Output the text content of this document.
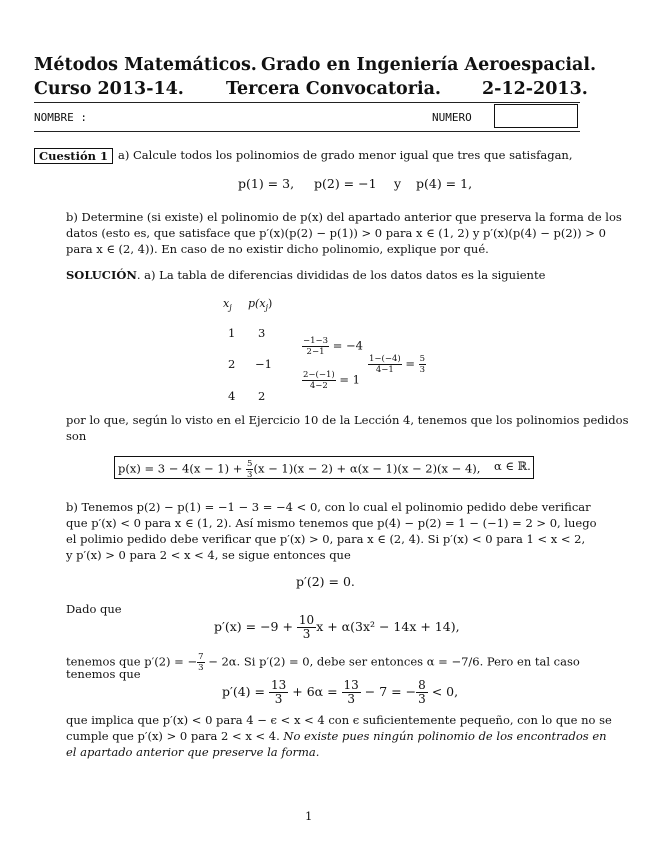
Métodos Matemáticos. Grado en Ingeniería Aeroespacial.
Curso 2013-14. Tercera Convocatoria. 2-12-2013.
NOMBRE :	NUMERO
Cuestión 1 a) Calcule todos los polinomios de grado menor igual que tres que satisfagan,
p(1) = 3, p(2) = −1 y p(4) = 1,
b) Determine (si existe) el polinomio de p(x) del apartado anterior que preserva la forma de los
datos (esto es, que satisface que p′(x)(p(2) − p(1)) > 0 para x ∈ (1, 2) y p′(x)(p(4) − p(2)) > 0
para x ∈ (2, 4)). En caso de no existir dicho polinomio, explique por qué.
SOLUCIÓN. a) La tabla de diferencias divididas de los datos datos es la siguiente
$x_j$ $p(x_j)$
1 3
2 −1
4 2
$\frac{-1-3}{2-1} = -4$
$\frac{2-(-1)}{4-2} = 1$
$\frac{1-(-4)}{4-1} = \frac{5}{3}$
por lo que, según lo visto en el Ejercicio 10 de la Lección 4, tenemos que los polinomios pedidos
son
$p(x) = 3 - 4(x - 1) + \frac{5}{3} (x - 1)(x - 2) + \alpha(x - 1)(x - 2)(x - 4)$, α ∈ ℝ.
b) Tenemos p(2) − p(1) = −1 − 3 = −4 < 0, con lo cual el polinomio pedido debe verificar
que p′(x) < 0 para x ∈ (1, 2). Así mismo tenemos que p(4) − p(2) = 1 − (−1) = 2 > 0, luego
el polimio pedido debe verificar que p′(x) > 0, para x ∈ (2, 4). Si p′(x) < 0 para 1 < x < 2,
y p′(x) > 0 para 2 < x < 4, se sigue entonces que
p′(2) = 0.
Dado que
$p'(x) = -9 + \frac{10}{3}$ x + α(3x² − 14x + 14),
tenemos que p′(2) = − $\frac{7}{3} - 2\alpha$. Si p′(2) = 0, debe ser entonces α = −7/6. Pero en tal caso
tenemos que
$p'(4) = \frac{13}{3} + 6\alpha = \frac{13}{3} - 7$ = − $\frac{8}{3} < 0$,
que implica que p′(x) < 0 para 4 − ϵ < x < 4 con ϵ suficientemente pequeño, con lo que no se
cumple que p′(x) > 0 para 2 < x < 4. No existe pues ningún polinomio de los encontrados en
el apartado anterior que preserve la forma.
1
